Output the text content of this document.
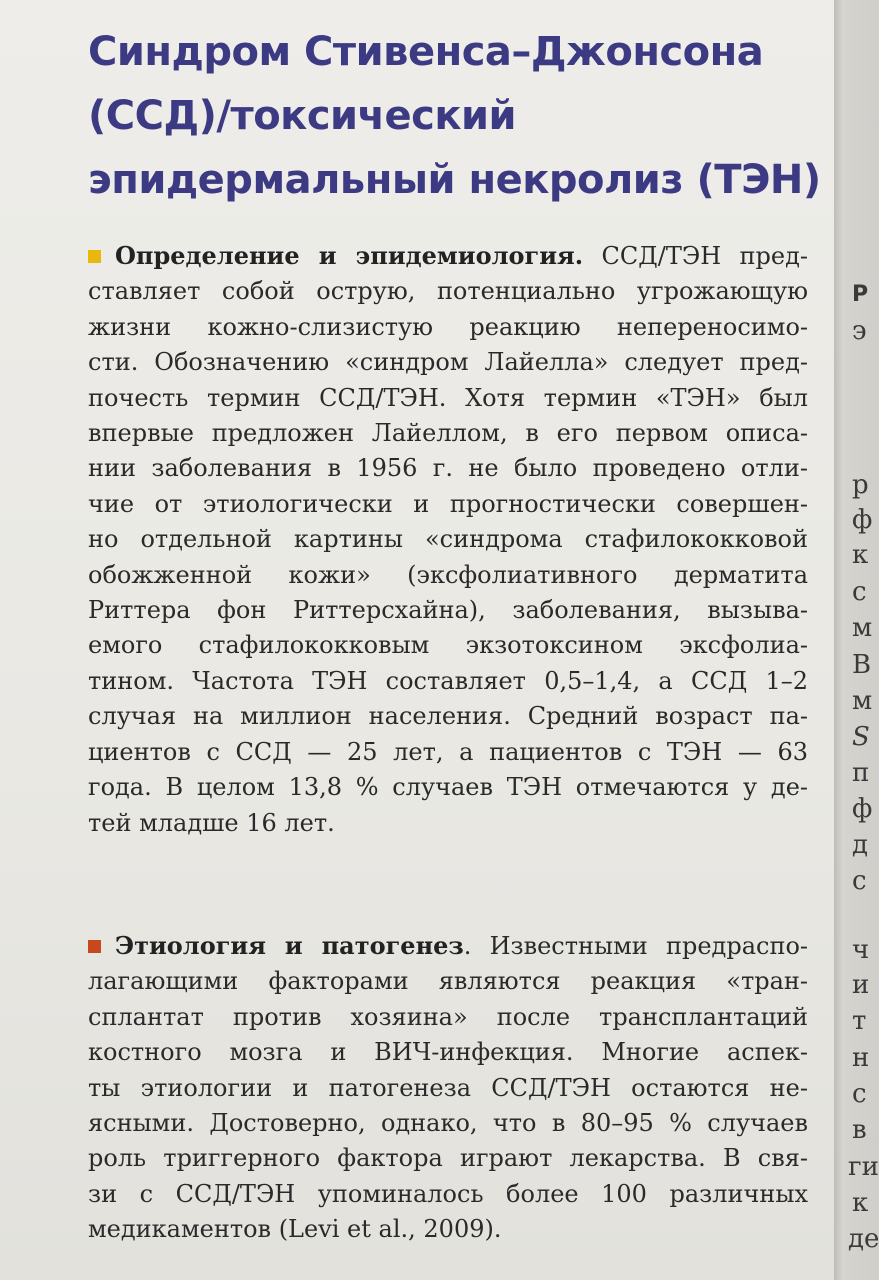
Синдром Стивенса–Джонсона
(ССД)/токсический
эпидермальный некролиз (ТЭН)
Определение и эпидемиология. ССД/ТЭН пред-
ставляет собой острую, потенциально угрожающую
жизни кожно-слизистую реакцию непереносимо-
сти. Обозначению «синдром Лайелла» следует пред-
почесть термин ССД/ТЭН. Хотя термин «ТЭН» был
впервые предложен Лайеллом, в его первом описа-
нии заболевания в 1956 г. не было проведено отли-
чие от этиологически и прогностически совершен-
но отдельной картины «синдрома стафилококковой
обожженной кожи» (эксфолиативного дерматита
Риттера фон Риттерсхайна), заболевания, вызыва-
емого стафилококковым экзотоксином эксфолиа-
тином. Частота ТЭН составляет 0,5–1,4, а ССД 1–2
случая на миллион населения. Средний возраст па-
циентов с ССД — 25 лет, а пациентов с ТЭН — 63
года. В целом 13,8 % случаев ТЭН отмечаются у де-
тей младше 16 лет.
Этиология и патогенез. Известными предраспо-
лагающими факторами являются реакция «тран-
сплантат против хозяина» после трансплантаций
костного мозга и ВИЧ-инфекция. Многие аспек-
ты этиологии и патогенеза ССД/ТЭН остаются не-
ясными. Достоверно, однако, что в 80–95 % случаев
роль триггерного фактора играют лекарства. В свя-
зи с ССД/ТЭН упоминалось более 100 различных
медикаментов (Levi et al., 2009).
Р
э
р
ф
к
с
м
В
м
S
п
ф
д
с
ч
и
т
н
с
в
ги
к
де
